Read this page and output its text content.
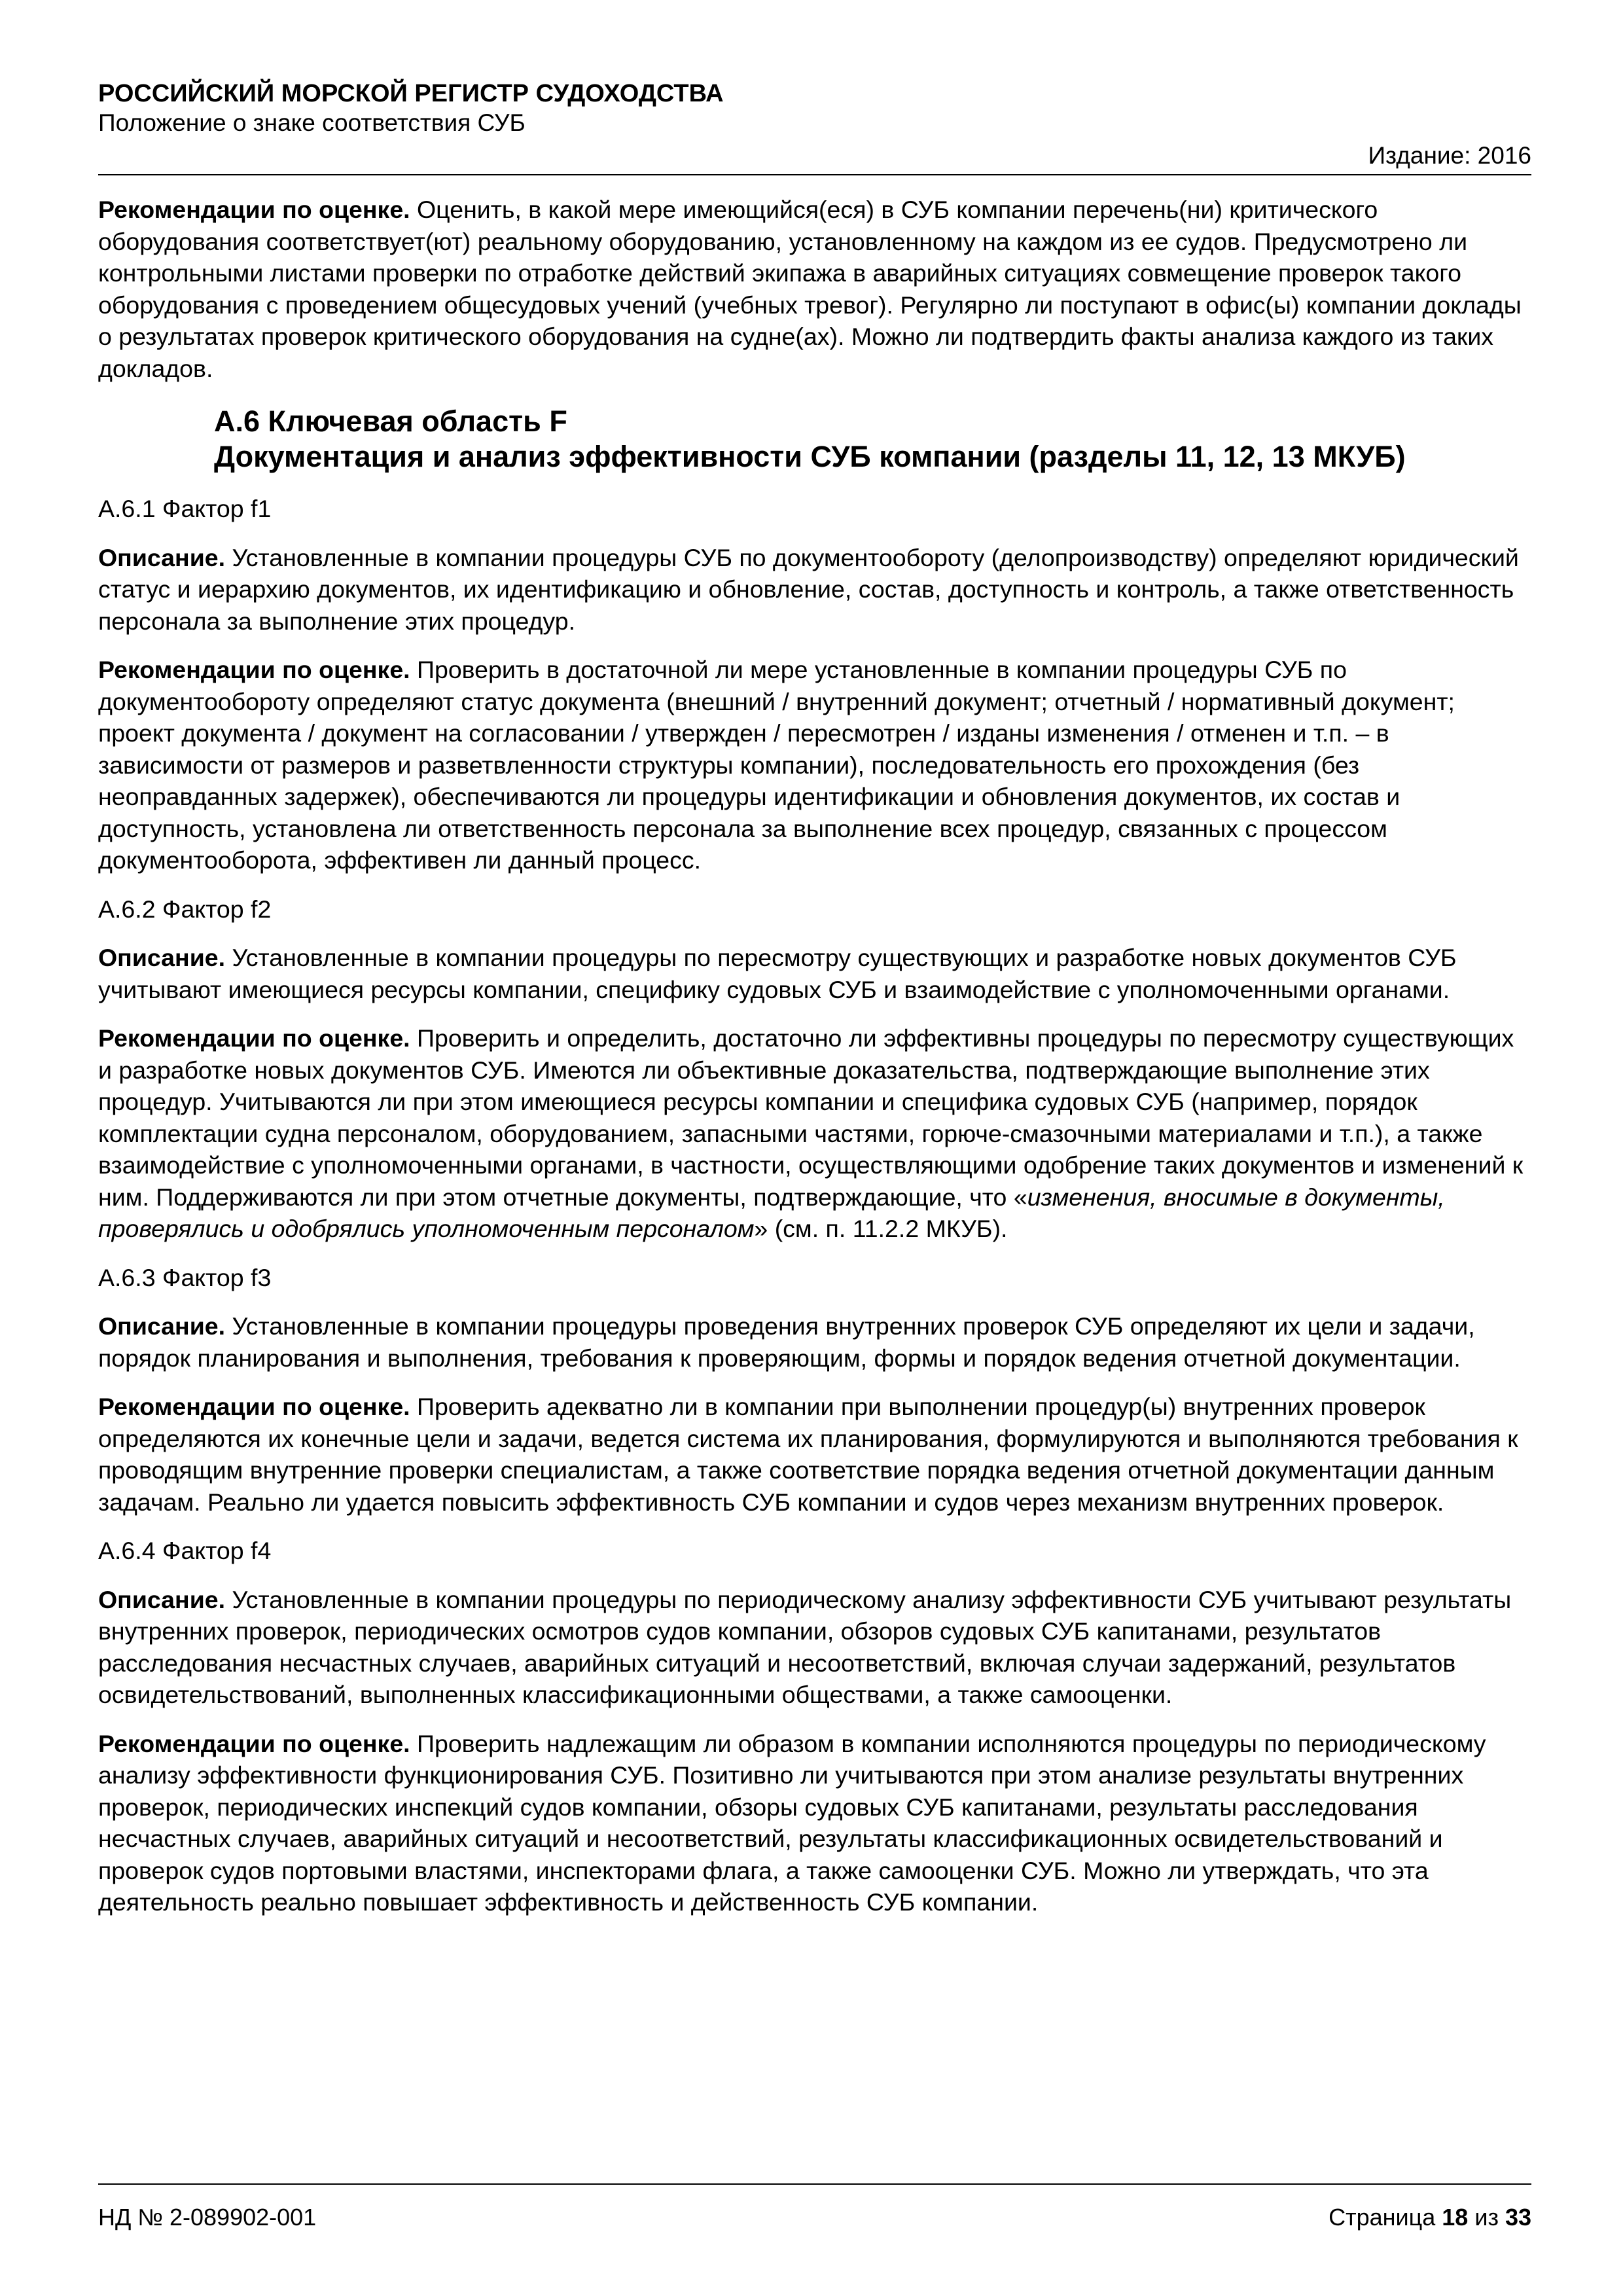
РОССИЙСКИЙ МОРСКОЙ РЕГИСТР СУДОХОДСТВА
Положение о знаке соответствия СУБ
Издание: 2016

Рекомендации по оценке. Оценить, в какой мере имеющийся(еся) в СУБ компании перечень(ни) критического оборудования соответствует(ют) реальному оборудованию, установленному на каждом из ее судов. Предусмотрено ли контрольными листами проверки по отработке действий экипажа в аварийных ситуациях совмещение проверок такого оборудования с проведением общесудовых учений (учебных тревог). Регулярно ли поступают в офис(ы) компании доклады о результатах проверок критического оборудования на судне(ах). Можно ли подтвердить факты анализа каждого из таких докладов.

А.6 Ключевая область F
Документация и анализ эффективности СУБ компании (разделы 11, 12, 13 МКУБ)

А.6.1 Фактор f1

Описание. Установленные в компании процедуры СУБ по документообороту (делопроизводству) определяют юридический статус и иерархию документов, их идентификацию и обновление, состав, доступность и контроль, а также ответственность персонала за выполнение этих процедур.

Рекомендации по оценке. Проверить в достаточной ли мере установленные в компании процедуры СУБ по документообороту определяют статус документа (внешний / внутренний документ; отчетный / нормативный документ; проект документа / документ на согласовании / утвержден / пересмотрен / изданы изменения / отменен и т.п. – в зависимости от размеров и разветвленности структуры компании), последовательность его прохождения (без неоправданных задержек), обеспечиваются ли процедуры идентификации и обновления документов, их состав и доступность, установлена ли ответственность персонала за выполнение всех процедур, связанных с процессом документооборота, эффективен ли данный процесс.

А.6.2 Фактор f2

Описание. Установленные в компании процедуры по пересмотру существующих и разработке новых документов СУБ учитывают имеющиеся ресурсы компании, специфику судовых СУБ и взаимодействие с уполномоченными органами.

Рекомендации по оценке. Проверить и определить, достаточно ли эффективны процедуры по пересмотру существующих и разработке новых документов СУБ. Имеются ли объективные доказательства, подтверждающие выполнение этих процедур. Учитываются ли при этом имеющиеся ресурсы компании и специфика судовых СУБ (например, порядок комплектации судна персоналом, оборудованием, запасными частями, горюче-смазочными материалами и т.п.), а также взаимодействие с уполномоченными органами, в частности, осуществляющими одобрение таких документов и изменений к ним. Поддерживаются ли при этом отчетные документы, подтверждающие, что «изменения, вносимые в документы, проверялись и одобрялись уполномоченным персоналом» (см. п. 11.2.2 МКУБ).

А.6.3 Фактор f3

Описание. Установленные в компании процедуры проведения внутренних проверок СУБ определяют их цели и задачи, порядок планирования и выполнения, требования к проверяющим, формы и порядок ведения отчетной документации.

Рекомендации по оценке. Проверить адекватно ли в компании при выполнении процедур(ы) внутренних проверок определяются их конечные цели и задачи, ведется система их планирования, формулируются и выполняются требования к проводящим внутренние проверки специалистам, а также соответствие порядка ведения отчетной документации данным задачам. Реально ли удается повысить эффективность СУБ компании и судов через механизм внутренних проверок.

А.6.4 Фактор f4

Описание. Установленные в компании процедуры по периодическому анализу эффективности СУБ учитывают результаты внутренних проверок, периодических осмотров судов компании, обзоров судовых СУБ капитанами, результатов расследования несчастных случаев, аварийных ситуаций и несоответствий, включая случаи задержаний, результатов освидетельствований, выполненных классификационными обществами, а также самооценки.

Рекомендации по оценке. Проверить надлежащим ли образом в компании исполняются процедуры по периодическому анализу эффективности функционирования СУБ. Позитивно ли учитываются при этом анализе результаты внутренних проверок, периодических инспекций судов компании, обзоры судовых СУБ капитанами, результаты расследования несчастных случаев, аварийных ситуаций и несоответствий, результаты классификационных освидетельствований и проверок судов портовыми властями, инспекторами флага, а также самооценки СУБ. Можно ли утверждать, что эта деятельность реально повышает эффективность и действенность СУБ компании.

НД № 2-089902-001	Страница 18 из 33
